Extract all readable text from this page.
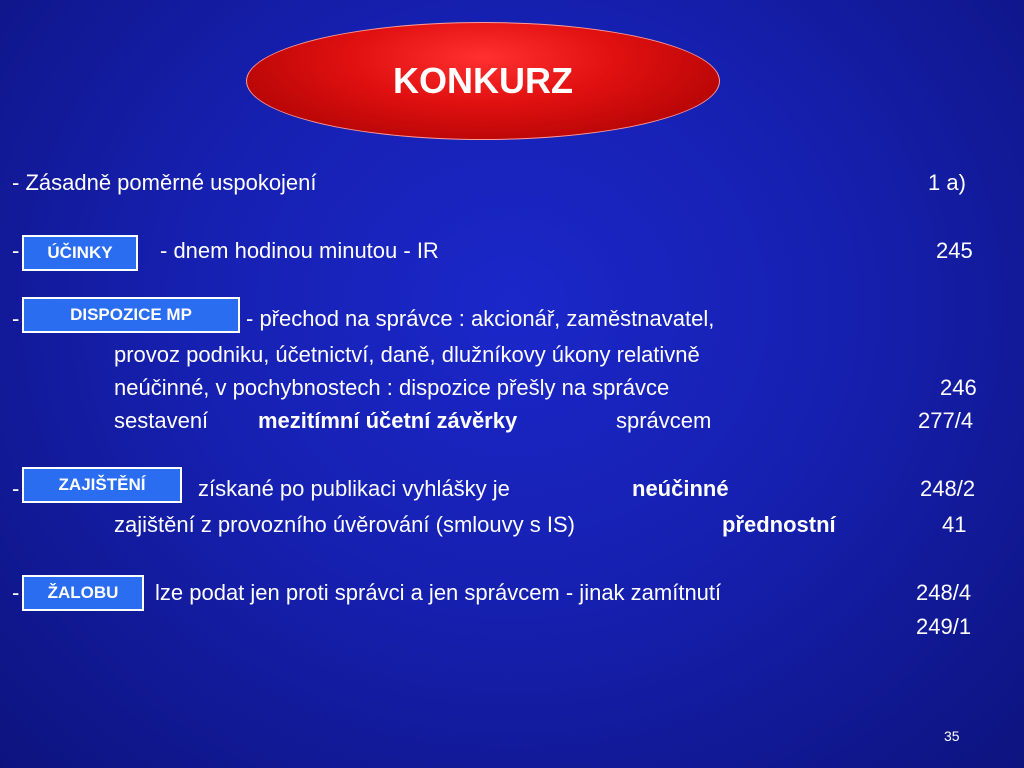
KONKURZ
- Zásadně poměrné uspokojení	1 a)
-	ÚČINKY	- dnem hodinou minutou - IR	245
-	DISPOZICE MP	- přechod na správce : akcionář, zaměstnavatel,
provoz podniku, účetnictví, daně, dlužníkovy úkony relativně
neúčinné, v pochybnostech : dispozice přešly na správce	246
sestavení mezitímní účetní závěrky	správcem	277/4
-	ZAJIŠTĚNÍ	získané po publikaci vyhlášky je	neúčinné	248/2
zajištění z provozního úvěrování (smlouvy s IS)	přednostní	41
-	ŽALOBU	lze podat jen proti správci a jen správcem - jinak zamítnutí	248/4
249/1
35
